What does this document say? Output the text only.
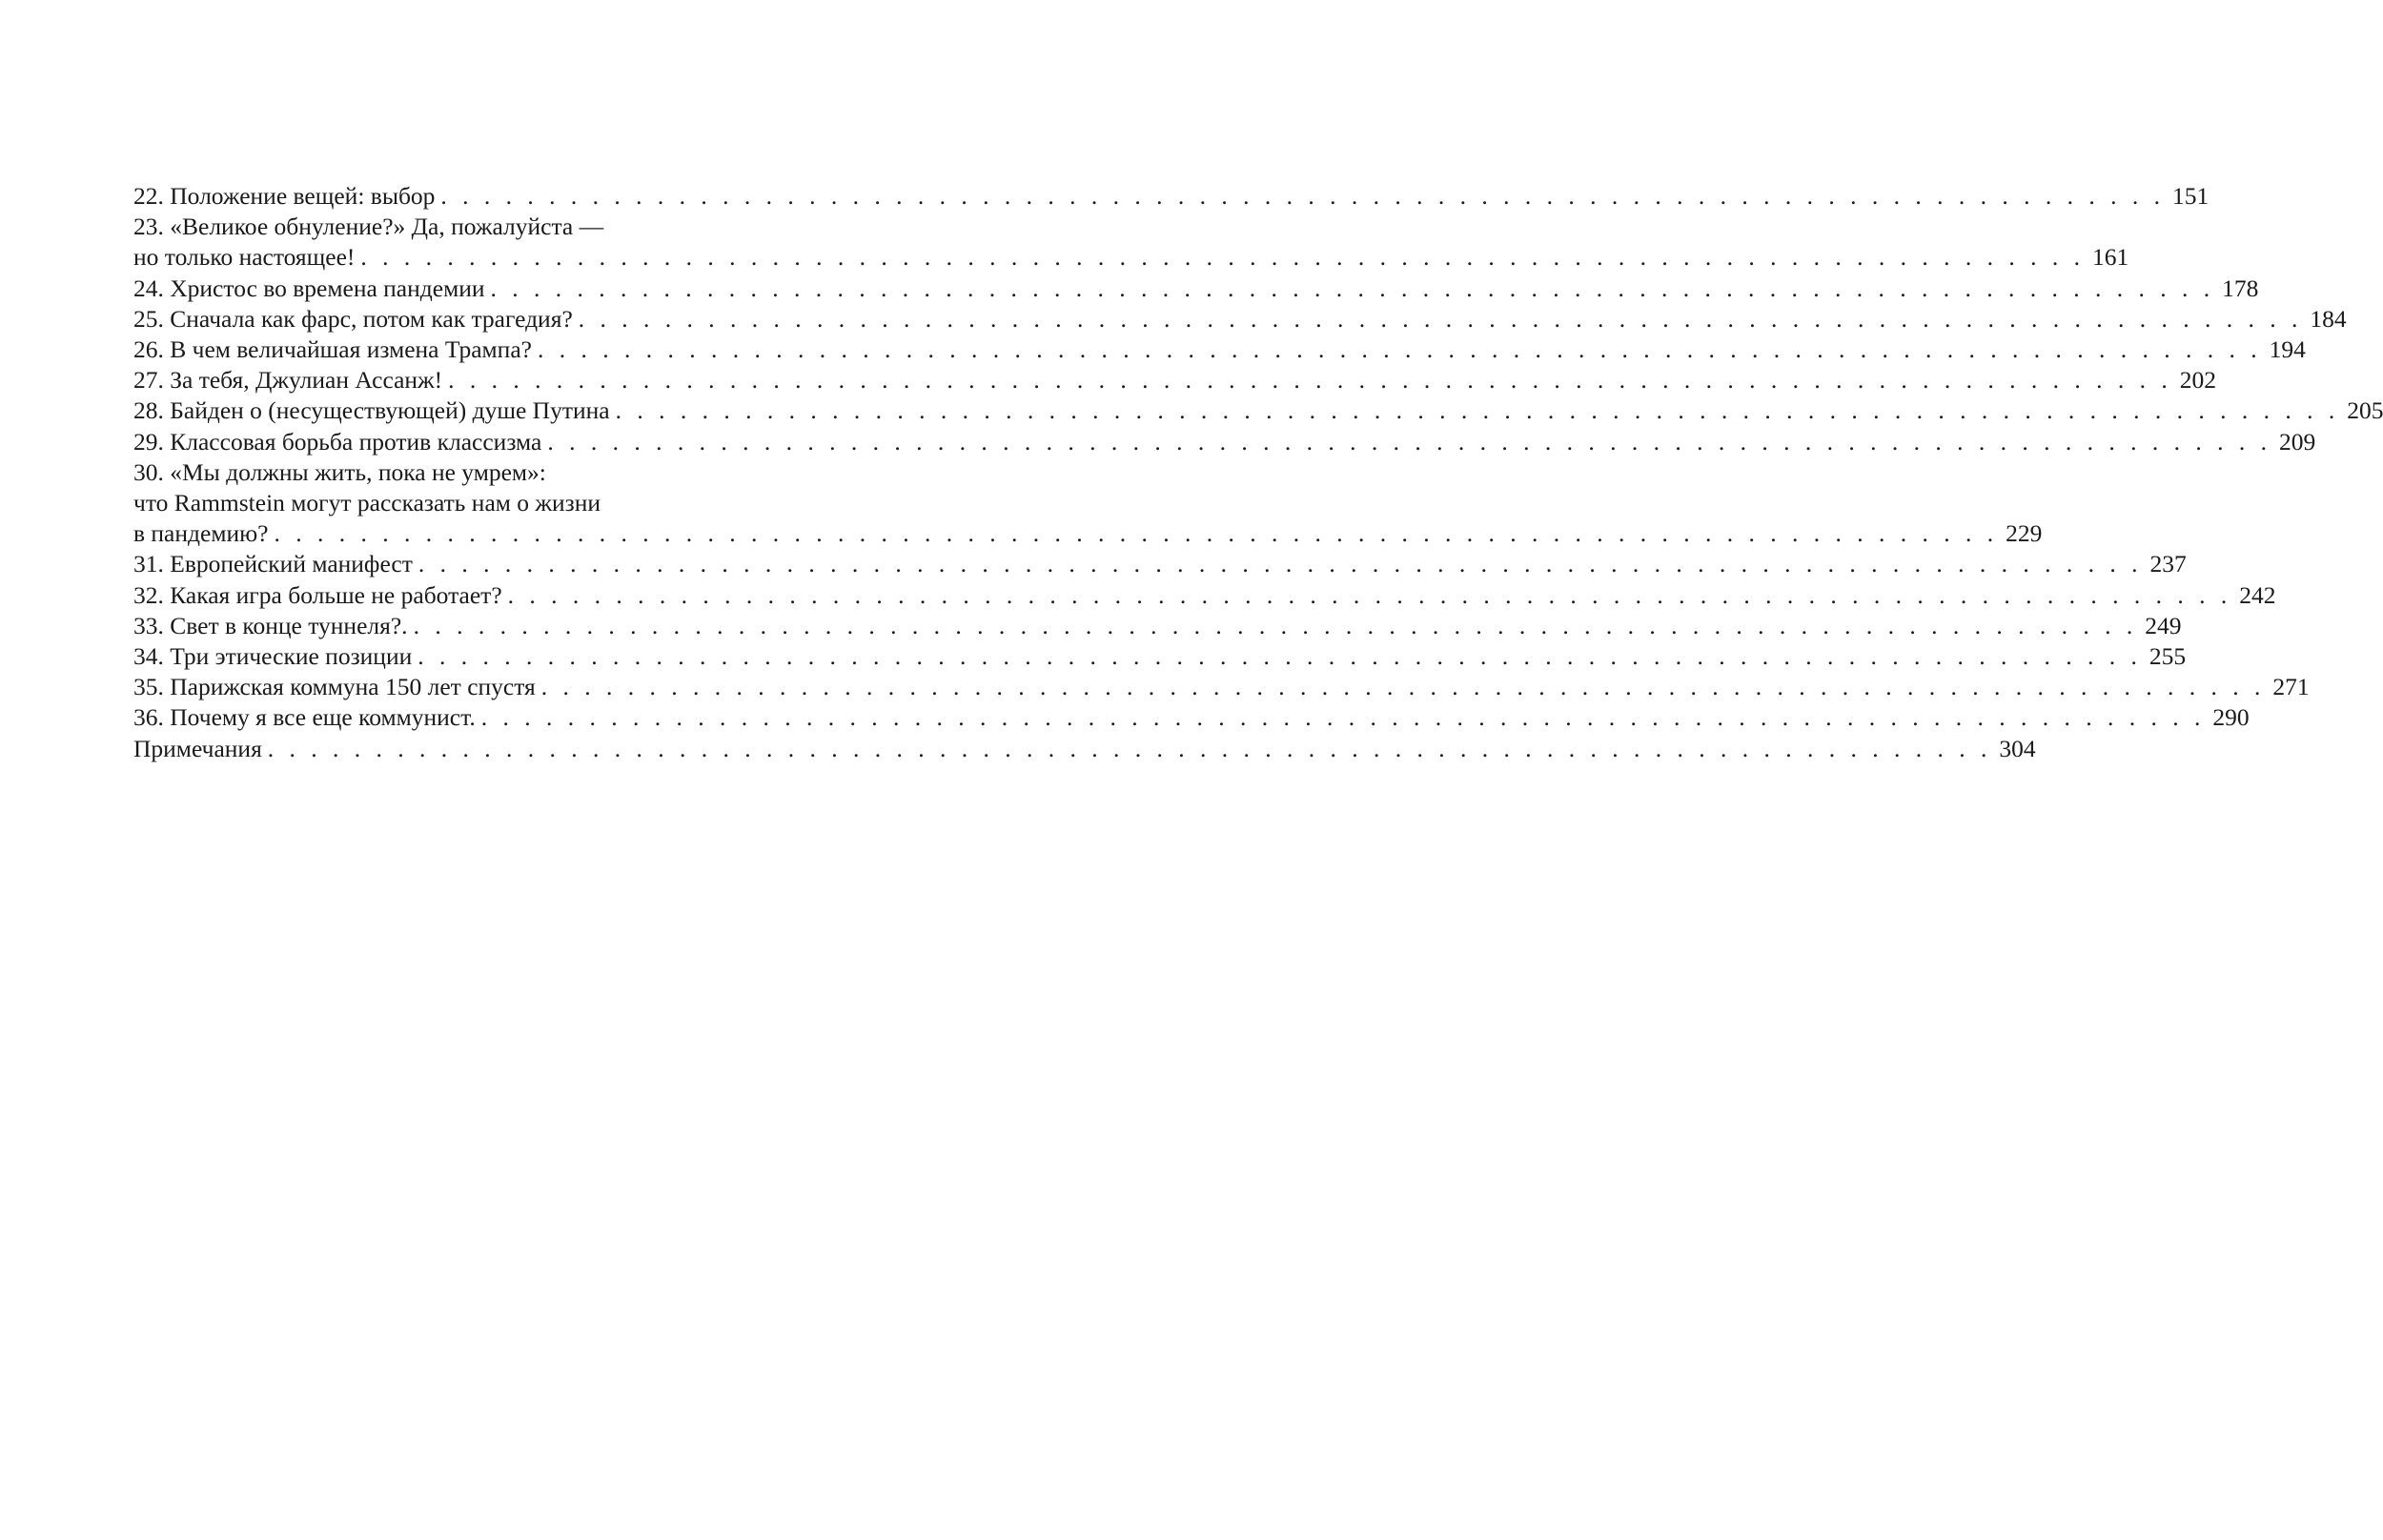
22. Положение вещей: выбор . . . . . . . . . . . . . . . . . . . . . . . . . . . . . . . . . . . . . . . . . . . . . . . . . . . . . . . . . . . . . . . . . . . . . . . . . . . . . . . . 151
23. «Великое обнуление?» Да, пожалуйста —
но только настоящее! . . . . . . . . . . . . . . . . . . . . . . . . . . . . . . . . . . . . . . . . . . . . . . . . . . . . . . . . . . . . . . . . . . . . . . . . . . . . . . . . 161
24. Христос во времена пандемии . . . . . . . . . . . . . . . . . . . . . . . . . . . . . . . . . . . . . . . . . . . . . . . . . . . . . . . . . . . . . . . . . . . . . . . . . . . . . . . . 178
25. Сначала как фарс, потом как трагедия? . . . . . . . . . . . . . . . . . . . . . . . . . . . . . . . . . . . . . . . . . . . . . . . . . . . . . . . . . . . . . . . . . . . . . . . . . . . . . . . . 184
26. В чем величайшая измена Трампа? . . . . . . . . . . . . . . . . . . . . . . . . . . . . . . . . . . . . . . . . . . . . . . . . . . . . . . . . . . . . . . . . . . . . . . . . . . . . . . . . 194
27. За тебя, Джулиан Ассанж! . . . . . . . . . . . . . . . . . . . . . . . . . . . . . . . . . . . . . . . . . . . . . . . . . . . . . . . . . . . . . . . . . . . . . . . . . . . . . . . . 202
28. Байден о (несуществующей) душе Путина . . . . . . . . . . . . . . . . . . . . . . . . . . . . . . . . . . . . . . . . . . . . . . . . . . . . . . . . . . . . . . . . . . . . . . . . . . . . . . . . 205
29. Классовая борьба против классизма . . . . . . . . . . . . . . . . . . . . . . . . . . . . . . . . . . . . . . . . . . . . . . . . . . . . . . . . . . . . . . . . . . . . . . . . . . . . . . . . 209
30. «Мы должны жить, пока не умрем»:
что Rammstein могут рассказать нам о жизни
в пандемию? . . . . . . . . . . . . . . . . . . . . . . . . . . . . . . . . . . . . . . . . . . . . . . . . . . . . . . . . . . . . . . . . . . . . . . . . . . . . . . . . 229
31. Европейский манифест . . . . . . . . . . . . . . . . . . . . . . . . . . . . . . . . . . . . . . . . . . . . . . . . . . . . . . . . . . . . . . . . . . . . . . . . . . . . . . . . 237
32. Какая игра больше не работает? . . . . . . . . . . . . . . . . . . . . . . . . . . . . . . . . . . . . . . . . . . . . . . . . . . . . . . . . . . . . . . . . . . . . . . . . . . . . . . . . 242
33. Свет в конце туннеля?. . . . . . . . . . . . . . . . . . . . . . . . . . . . . . . . . . . . . . . . . . . . . . . . . . . . . . . . . . . . . . . . . . . . . . . . . . . . . . . . . 249
34. Три этические позиции . . . . . . . . . . . . . . . . . . . . . . . . . . . . . . . . . . . . . . . . . . . . . . . . . . . . . . . . . . . . . . . . . . . . . . . . . . . . . . . . 255
35. Парижская коммуна 150 лет спустя . . . . . . . . . . . . . . . . . . . . . . . . . . . . . . . . . . . . . . . . . . . . . . . . . . . . . . . . . . . . . . . . . . . . . . . . . . . . . . . . 271
36. Почему я все еще коммунист. . . . . . . . . . . . . . . . . . . . . . . . . . . . . . . . . . . . . . . . . . . . . . . . . . . . . . . . . . . . . . . . . . . . . . . . . . . . . . . . . 290
Примечания . . . . . . . . . . . . . . . . . . . . . . . . . . . . . . . . . . . . . . . . . . . . . . . . . . . . . . . . . . . . . . . . . . . . . . . . . . . . . . . . 304
